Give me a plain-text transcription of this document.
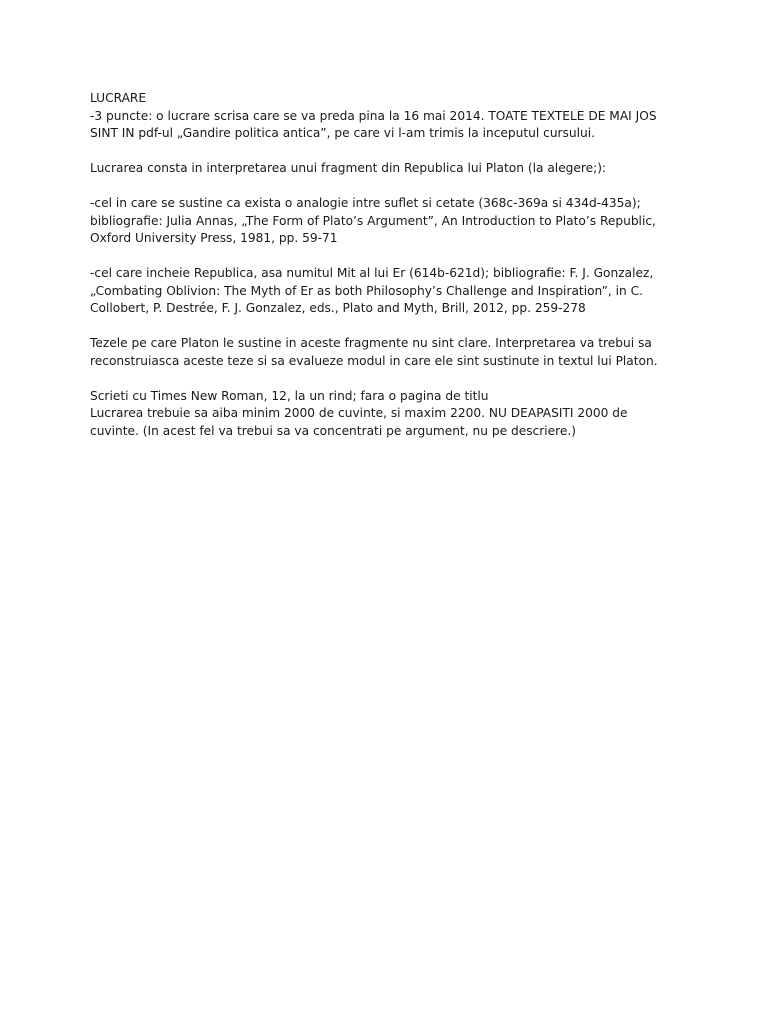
LUCRARE
-3 puncte: o lucrare scrisa care se va preda pina la 16 mai 2014. TOATE TEXTELE DE MAI JOS
SINT IN pdf-ul „Gandire politica antica”, pe care vi l-am trimis la inceputul cursului.
Lucrarea consta in interpretarea unui fragment din Republica lui Platon (la alegere;):
-cel in care se sustine ca exista o analogie intre suflet si cetate (368c-369a si 434d-435a);
bibliografie: Julia Annas, „The Form of Plato’s Argument”, An Introduction to Plato’s Republic,
Oxford University Press, 1981, pp. 59-71
-cel care incheie Republica, asa numitul Mit al lui Er (614b-621d); bibliografie: F. J. Gonzalez,
„Combating Oblivion: The Myth of Er as both Philosophy’s Challenge and Inspiration”, in C.
Collobert, P. Destrée, F. J. Gonzalez, eds., Plato and Myth, Brill, 2012, pp. 259-278
Tezele pe care Platon le sustine in aceste fragmente nu sint clare. Interpretarea va trebui sa
reconstruiasca aceste teze si sa evalueze modul in care ele sint sustinute in textul lui Platon.
Scrieti cu Times New Roman, 12, la un rind; fara o pagina de titlu
Lucrarea trebuie sa aiba minim 2000 de cuvinte, si maxim 2200. NU DEAPASITI 2000 de
cuvinte. (In acest fel va trebui sa va concentrati pe argument, nu pe descriere.)
